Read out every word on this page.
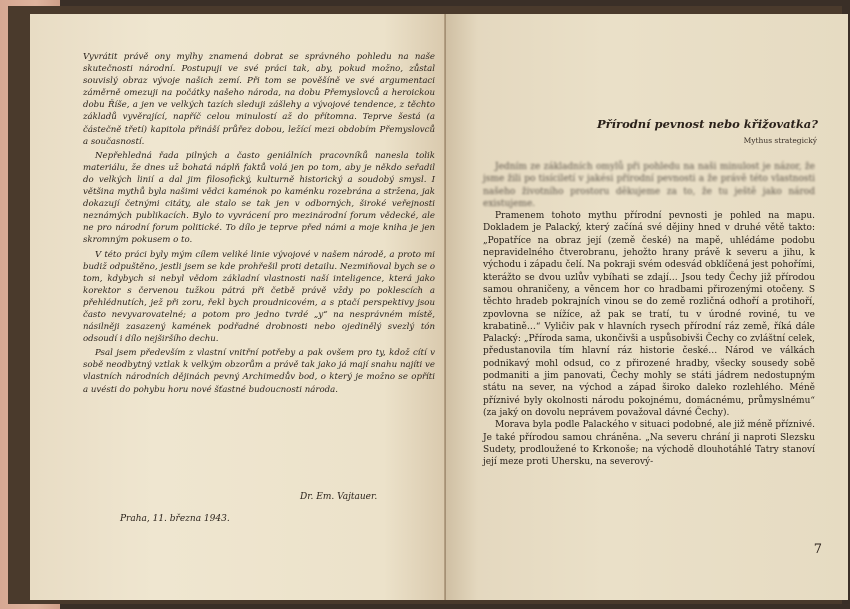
Vyvrátit právě ony mylhy znamená dobrat se správného pohledu na naše skutečnosti národní. Postupuji ve své práci tak, aby, pokud možno, zůstal souvislý obraz vývoje našich zemí. Při tom se pověšíně ve své argumentaci záměrně omezuji na počátky našeho národa, na dobu Přemyslovců a heroickou dobu Říše, a jen ve velkých tazích sleduji zášlehy a vývojové tendence, z těchto základů vyvěrající, napříč celou minulostí až do přítomna. Teprve šestá (a částečně třetí) kapitola přináší průřez dobou, ležící mezi obdobím Přemyslovců a současností.

Nepřehledná řada pilných a často geniálních pracovníků nanesla tolik materiálu, že dnes už bohatá náplň faktů volá jen po tom, aby je někdo seřadil do velkých linií a dal jim filosofický, kulturně historický a soudobý smysl. I většina mythů byla našimi vědci kaménok po kaménku rozebrána a stržena, jak dokazují četnými citáty, ale stalo se tak jen v odborných, široké veřejnosti neznámých publikacích. Bylo to vyvrácení pro mezinárodní forum vědecké, ale ne pro národní forum politické. To dílo je teprve před námi a moje kniha je jen skromným pokusem o to.

V této práci byly mým cílem veliké linie vývojové v našem národě, a proto mi budiž odpuštěno, jestli jsem se kde prohřešil proti detailu. Nezmiňoval bych se o tom, kdybych si nebyl vědom základní vlastnosti naší inteligence, která jako korektor s červenou tužkou pátrá při četbě právě vždy po poklescích a přehlédnutích, jež při zoru, řekl bych proudnicovém, a s ptačí perspektivy jsou často nevyvarovatelné; a potom pro jedno tvrdé „y“ na nesprávném místě, násilněji zasazený kamének podřadné drobnosti nebo ojedinělý svezlý tón odsoudí i dílo nejširšího dechu.

Psal jsem především z vlastní vnitřní potřeby a pak ovšem pro ty, kdož cítí v sobě neodbytný vztlak k velkým obzorům a právě tak jako já mají snahu najíti ve vlastních národních dějinách pevný Archimedův bod, o který je možno se opříti a uvésti do pohybu horu nové šťastné budoucnosti národa.

Dr. Em. Vajtauer.
Praha, 11. března 1943.
Přírodní pevnost nebo křižovatka?
Mythus strategický

Jedním ze základních omylů při pohledu na naši minulost je názor, že jsme žili po tisíciletí v jakési přírodní pevnosti a že právě této vlastnosti našeho životního prostoru děkujeme za to, že tu ještě jako národ existujeme.

Pramenem tohoto mythu přírodní pevnosti je pohled na mapu. Dokladem je Palacký, který začíná své dějiny hned v druhé větě takto: „Popatříce na obraz její (země české) na mapě, uhlédáme podobu nepravidelného čtverobranu, jehožto hrany právě k severu a jihu, k východu i západu čelí. Na pokraji svém odesvád obklíčená jest pohořími, kterážto se dvou uzlův vybíhati se zdají… Jsou tedy Čechy již přírodou samou ohraničeny, a věncem hor co hradbami přirozenými otočeny. S těchto hradeb pokrajních vinou se do země rozličná odhoří a protihoří, zpovlovna se nížíce, až pak se tratí, tu v úrodné roviné, tu ve krabatině…“ Vyličiv pak v hlavních rysech přírodní ráz země, říká dále Palacký: „Příroda sama, ukončivši a uspůsobivši Čechy co zvláštní celek, předustanovila tím hlavní ráz historie české… Národ ve válkách podnikavý mohl odsud, co z přirozené hradby, všecky sousedy sobě podmaniti a jim panovati, Čechy mohly se státi jádrem nedostupným státu na sever, na východ a západ široko daleko rozlehlého. Méně příznivé byly okolnosti národu pokojnému, domácnému, průmyslnému“ (za jaký on dovolu neprávem považoval dávné Čechy).

Morava byla podle Palackého v situaci podobné, ale již méně příznivé. Je také přírodou samou chráněna. „Na severu chrání ji naproti Slezsku Sudety, prodloužené to Krkonoše; na východě dlouhotáhlé Tatry stanoví její meze proti Uhersku, na severový-

7
